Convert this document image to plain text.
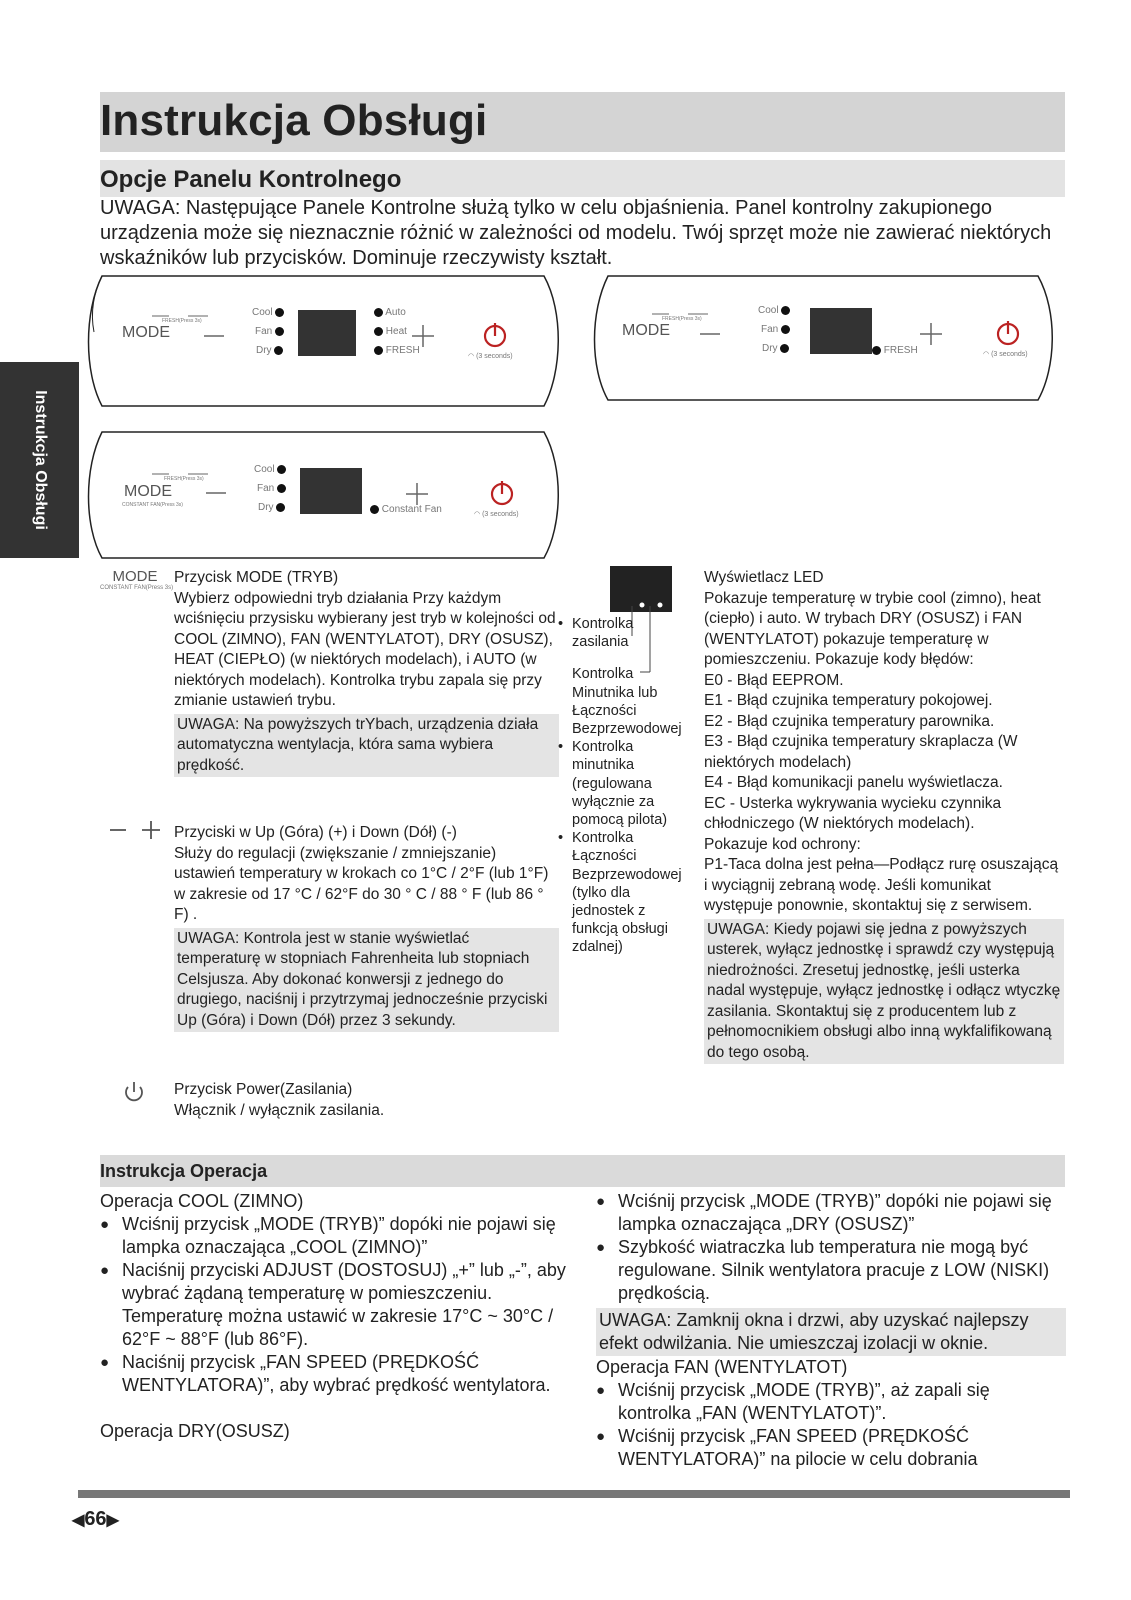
Instrukcja Obsługi
Opcje Panelu Kontrolnego
UWAGA: Następujące Panele Kontrolne służą tylko w celu objaśnienia. Panel kontrolny zakupionego urządzenia może się nieznacznie różnić w zależności od modelu. Twój sprzęt może nie zawierać niektórych wskaźników lub przycisków. Dominuje rzeczywisty kształt.
Instrukcja Obsługi
FRESH(Press 3s)
MODE
Cool
Fan
Dry
Auto
Heat
FRESH
◠ (3 seconds)
FRESH(Press 3s)
MODE
Cool
Fan
Dry	FRESH	◠ (3 seconds)
FRESH(Press 3s)
MODE
CONSTANT FAN(Press 3s)
Cool
Fan
Dry	Constant Fan	◠ (3 seconds)
MODE
CONSTANT FAN(Press 3s)
Przycisk MODE (TRYB)
Wybierz odpowiedni tryb działania Przy każdym wciśnięciu przysisku wybierany jest tryb w kolejności od COOL (ZIMNO), FAN (WENTYLATOT), DRY (OSUSZ), HEAT (CIEPŁO) (w niektórych modelach), i AUTO (w niektórych modelach). Kontrolka trybu zapala się przy zmianie ustawień trybu.
UWAGA: Na powyższych trYbach, urządzenia działa automatyczna wentylacja, która sama wybiera prędkość.
Przyciski w Up (Góra) (+) i Down (Dół) (-)
Służy do regulacji (zwiększanie / zmniejszanie) ustawień temperatury w krokach co 1°C / 2°F (lub 1°F) w zakresie od 17 °C / 62°F do 30 ° C / 88 ° F (lub 86 ° F) .
UWAGA: Kontrola jest w stanie wyświetlać temperaturę w stopniach Fahrenheita lub stopniach Celsjusza. Aby dokonać konwersji z jednego do drugiego, naciśnij i przytrzymaj jednocześnie przyciski Up (Góra) i Down (Dół) przez 3 sekundy.
Przycisk Power(Zasilania)
Włącznik / wyłącznik zasilania.
• Kontrolka zasilania
Kontrolka Minutnika lub Łączności Bezprzewodowej
• Kontrolka minutnika (regulowana wyłącznie za pomocą pilota)
• Kontrolka Łączności Bezprzewodowej (tylko dla jednostek z funkcją obsługi zdalnej)
Wyświetlacz LED
Pokazuje temperaturę w trybie cool (zimno), heat (ciepło) i auto. W trybach DRY (OSUSZ) i FAN (WENTYLATOT) pokazuje temperaturę w pomieszczeniu. Pokazuje kody błędów:
E0 - Błąd EEPROM.
E1 - Błąd czujnika temperatury pokojowej.
E2 - Błąd czujnika temperatury parownika.
E3 - Błąd czujnika temperatury skraplacza (W niektórych modelach)
E4 - Błąd komunikacji panelu wyświetlacza.
EC - Usterka wykrywania wycieku czynnika chłodniczego (W niektórych modelach).
Pokazuje kod ochrony:
P1-Taca dolna jest pełna—Podłącz rurę osuszającą i wyciągnij zebraną wodę. Jeśli komunikat występuje ponownie, skontaktuj się z serwisem.
UWAGA: Kiedy pojawi się jedna z powyższych usterek, wyłącz jednostkę i sprawdź czy występują niedrożności. Zresetuj jednostkę, jeśli usterka nadal występuje, wyłącz jednostkę i odłącz wtyczkę zasilania. Skontaktuj się z producentem lub z pełnomocnikiem obsługi albo inną wykfalifikowaną do tego osobą.
Instrukcja Operacja
Operacja COOL (ZIMNO)
● Wciśnij przycisk „MODE (TRYB)” dopóki nie pojawi się lampka oznaczająca „COOL (ZIMNO)”
● Naciśnij przyciski ADJUST (DOSTOSUJ) „+” lub „-”, aby wybrać żądaną temperaturę w pomieszczeniu. Temperaturę można ustawić w zakresie 17°C ~ 30°C / 62°F ~ 88°F (lub 86°F).
● Naciśnij przycisk „FAN SPEED (PRĘDKOŚĆ WENTYLATORA)”, aby wybrać prędkość wentylatora.
Operacja DRY(OSUSZ)
● Wciśnij przycisk „MODE (TRYB)” dopóki nie pojawi się lampka oznaczająca „DRY (OSUSZ)”
● Szybkość wiatraczka lub temperatura nie mogą być regulowane. Silnik wentylatora pracuje z LOW (NISKI) prędkością.
UWAGA: Zamknij okna i drzwi, aby uzyskać najlepszy efekt odwilżania. Nie umieszczaj izolacji w oknie.
Operacja FAN (WENTYLATOT)
● Wciśnij przycisk „MODE (TRYB)”, aż zapali się kontrolka „FAN (WENTYLATOT)”.
● Wciśnij przycisk „FAN SPEED (PRĘDKOŚĆ WENTYLATORA)” na pilocie w celu dobrania
◀66▶
